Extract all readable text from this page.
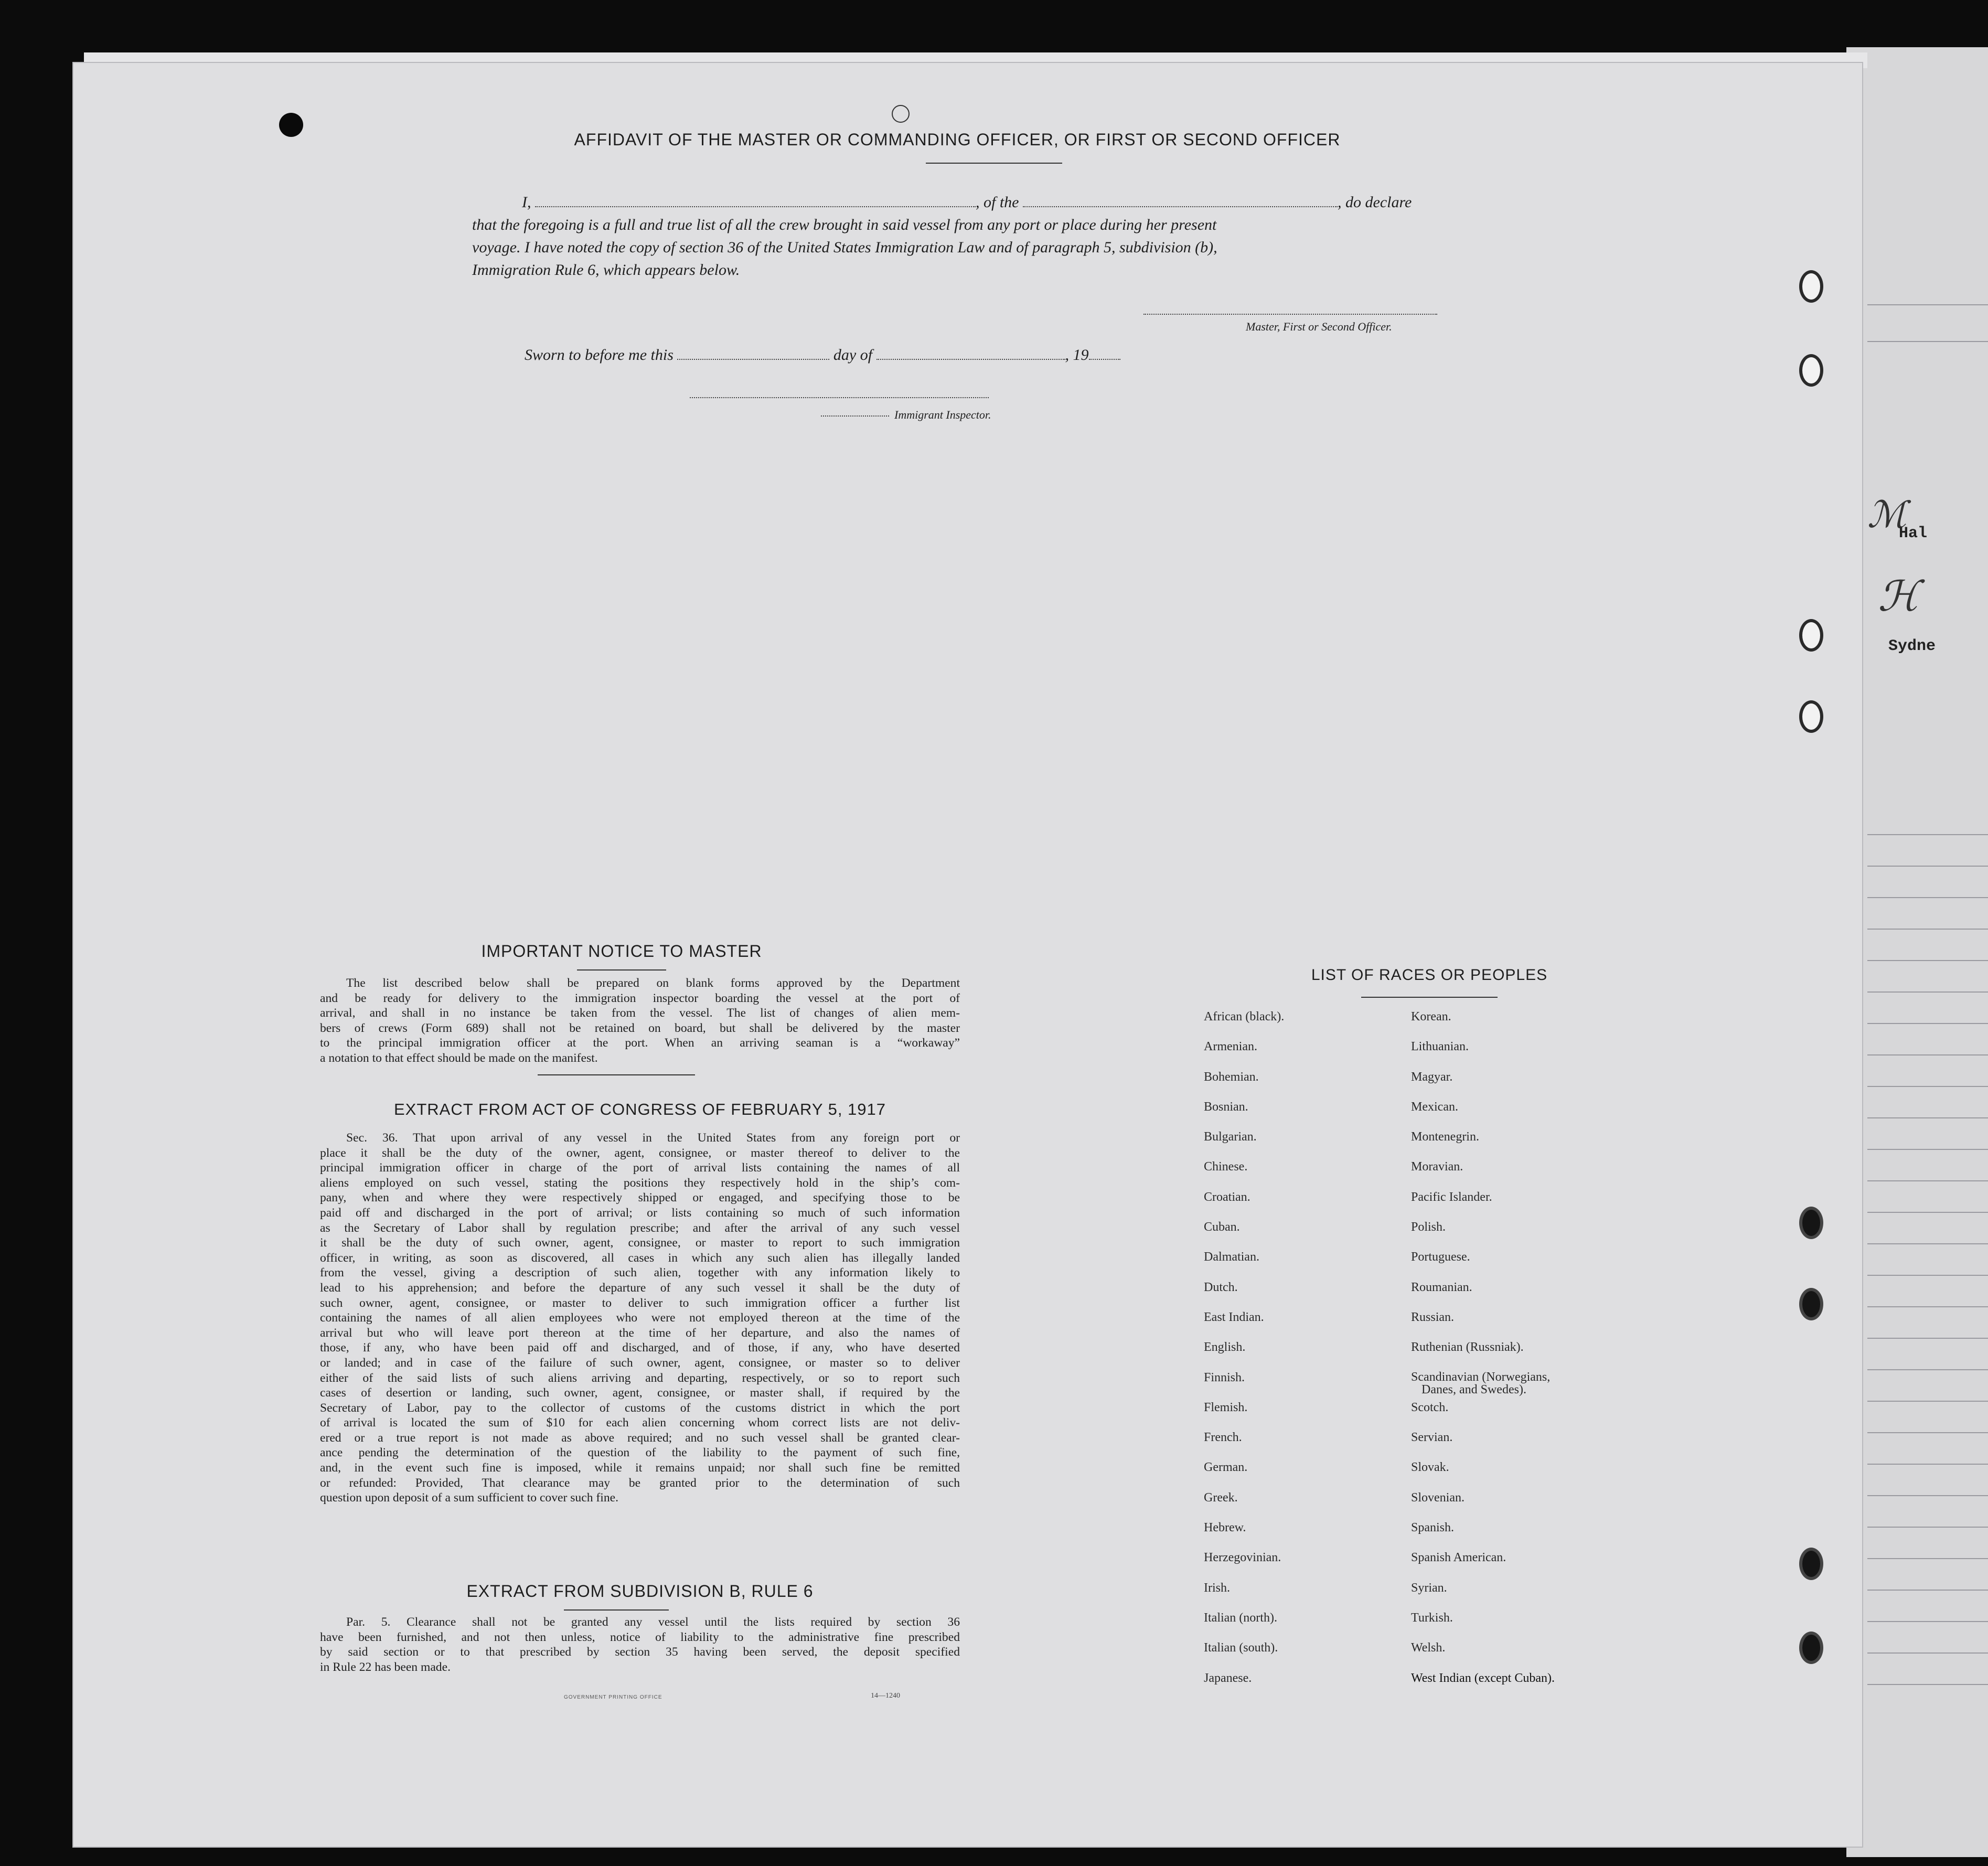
ℳ
Hal
ℋ
Sydne
AFFIDAVIT OF THE MASTER OR COMMANDING OFFICER, OR FIRST OR SECOND OFFICER
I,	, of the	, do declare
that the foregoing is a full and true list of all the crew brought in said vessel from any port or place during her present
voyage. I have noted the copy of section 36 of the United States Immigration Law and of paragraph 5, subdivision (b),
Immigration Rule 6, which appears below.
Master, First or Second Officer.
Sworn to before me this	day of	, 19
Immigrant Inspector.
IMPORTANT NOTICE TO MASTER

The list described below shall be prepared on blank forms approved by the Department

and be ready for delivery to the immigration inspector boarding the vessel at the port of

arrival, and shall in no instance be taken from the vessel. The list of changes of alien mem-

bers of crews (Form 689) shall not be retained on board, but shall be delivered by the master

to the principal immigration officer at the port. When an arriving seaman is a “workaway”

a notation to that effect should be made on the manifest.

EXTRACT FROM ACT OF CONGRESS OF FEBRUARY 5, 1917

Sec. 36. That upon arrival of any vessel in the United States from any foreign port or

place it shall be the duty of the owner, agent, consignee, or master thereof to deliver to the

principal immigration officer in charge of the port of arrival lists containing the names of all

aliens employed on such vessel, stating the positions they respectively hold in the ship’s com-

pany, when and where they were respectively shipped or engaged, and specifying those to be

paid off and discharged in the port of arrival; or lists containing so much of such information

as the Secretary of Labor shall by regulation prescribe; and after the arrival of any such vessel

it shall be the duty of such owner, agent, consignee, or master to report to such immigration

officer, in writing, as soon as discovered, all cases in which any such alien has illegally landed

from the vessel, giving a description of such alien, together with any information likely to

lead to his apprehension; and before the departure of any such vessel it shall be the duty of

such owner, agent, consignee, or master to deliver to such immigration officer a further list

containing the names of all alien employees who were not employed thereon at the time of the

arrival but who will leave port thereon at the time of her departure, and also the names of

those, if any, who have been paid off and discharged, and of those, if any, who have deserted

or landed; and in case of the failure of such owner, agent, consignee, or master so to deliver

either of the said lists of such aliens arriving and departing, respectively, or so to report such

cases of desertion or landing, such owner, agent, consignee, or master shall, if required by the

Secretary of Labor, pay to the collector of customs of the customs district in which the port

of arrival is located the sum of $10 for each alien concerning whom correct lists are not deliv-

ered or a true report is not made as above required; and no such vessel shall be granted clear-

ance pending the determination of the question of the liability to the payment of such fine,

and, in the event such fine is imposed, while it remains unpaid; nor shall such fine be remitted

or refunded: Provided, That clearance may be granted prior to the determination of such

question upon deposit of a sum sufficient to cover such fine.

EXTRACT FROM SUBDIVISION B, RULE 6

Par. 5. Clearance shall not be granted any vessel until the lists required by section 36

have been furnished, and not then unless, notice of liability to the administrative fine prescribed

by said section or to that prescribed by section 35 having been served, the deposit specified

in Rule 22 has been made.

GOVERNMENT PRINTING OFFICE	14—1240
LIST OF RACES OR PEOPLES
African (black).
Armenian.
Bohemian.
Bosnian.
Bulgarian.
Chinese.
Croatian.
Cuban.
Dalmatian.
Dutch.
East Indian.
English.
Finnish.
Flemish.
French.
German.
Greek.
Hebrew.
Herzegovinian.
Irish.
Italian (north).
Italian (south).
Japanese.
Korean.
Lithuanian.
Magyar.
Mexican.
Montenegrin.
Moravian.
Pacific Islander.
Polish.
Portuguese.
Roumanian.
Russian.
Ruthenian (Russniak).
Scandinavian (Norwegians,
Danes, and Swedes).
Scotch.
Servian.
Slovak.
Slovenian.
Spanish.
Spanish American.
Syrian.
Turkish.
Welsh.
West Indian (except Cuban).
